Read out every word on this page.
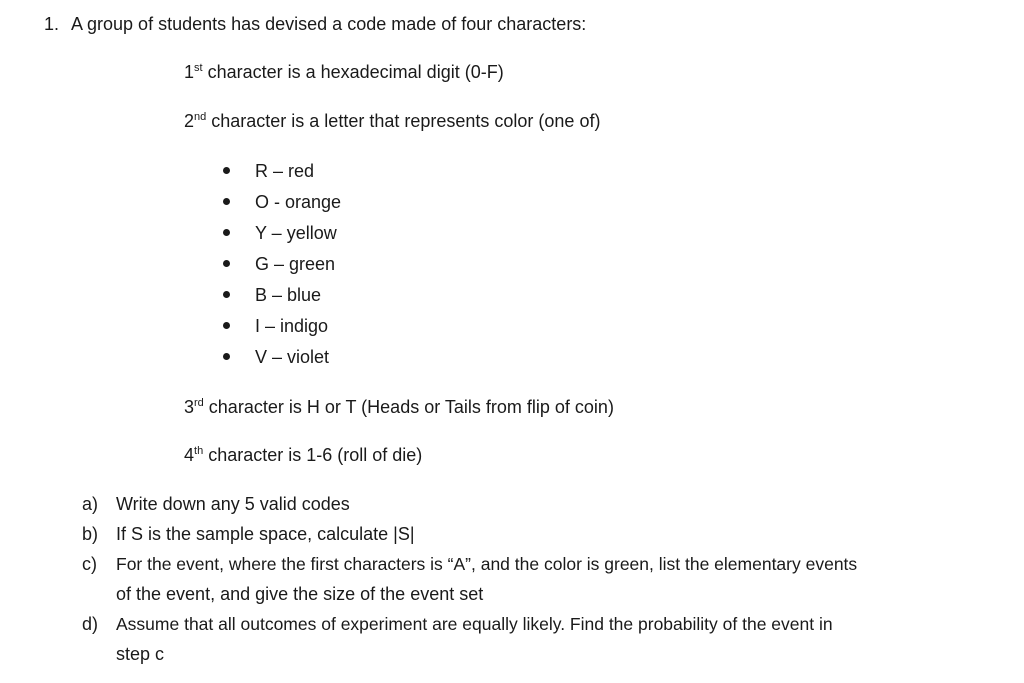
1. A group of students has devised a code made of four characters:
1st character is a hexadecimal digit (0-F)
2nd character is a letter that represents color (one of)
R – red
O - orange
Y – yellow
G – green
B – blue
I – indigo
V – violet
3rd character is H or T (Heads or Tails from flip of coin)
4th character is 1-6 (roll of die)
a) Write down any 5 valid codes
b) If S is the sample space, calculate |S|
c) For the event, where the first characters is “A”, and the color is green, list the elementary events
of the event, and give the size of the event set
d) Assume that all outcomes of experiment are equally likely. Find the probability of the event in
step c
